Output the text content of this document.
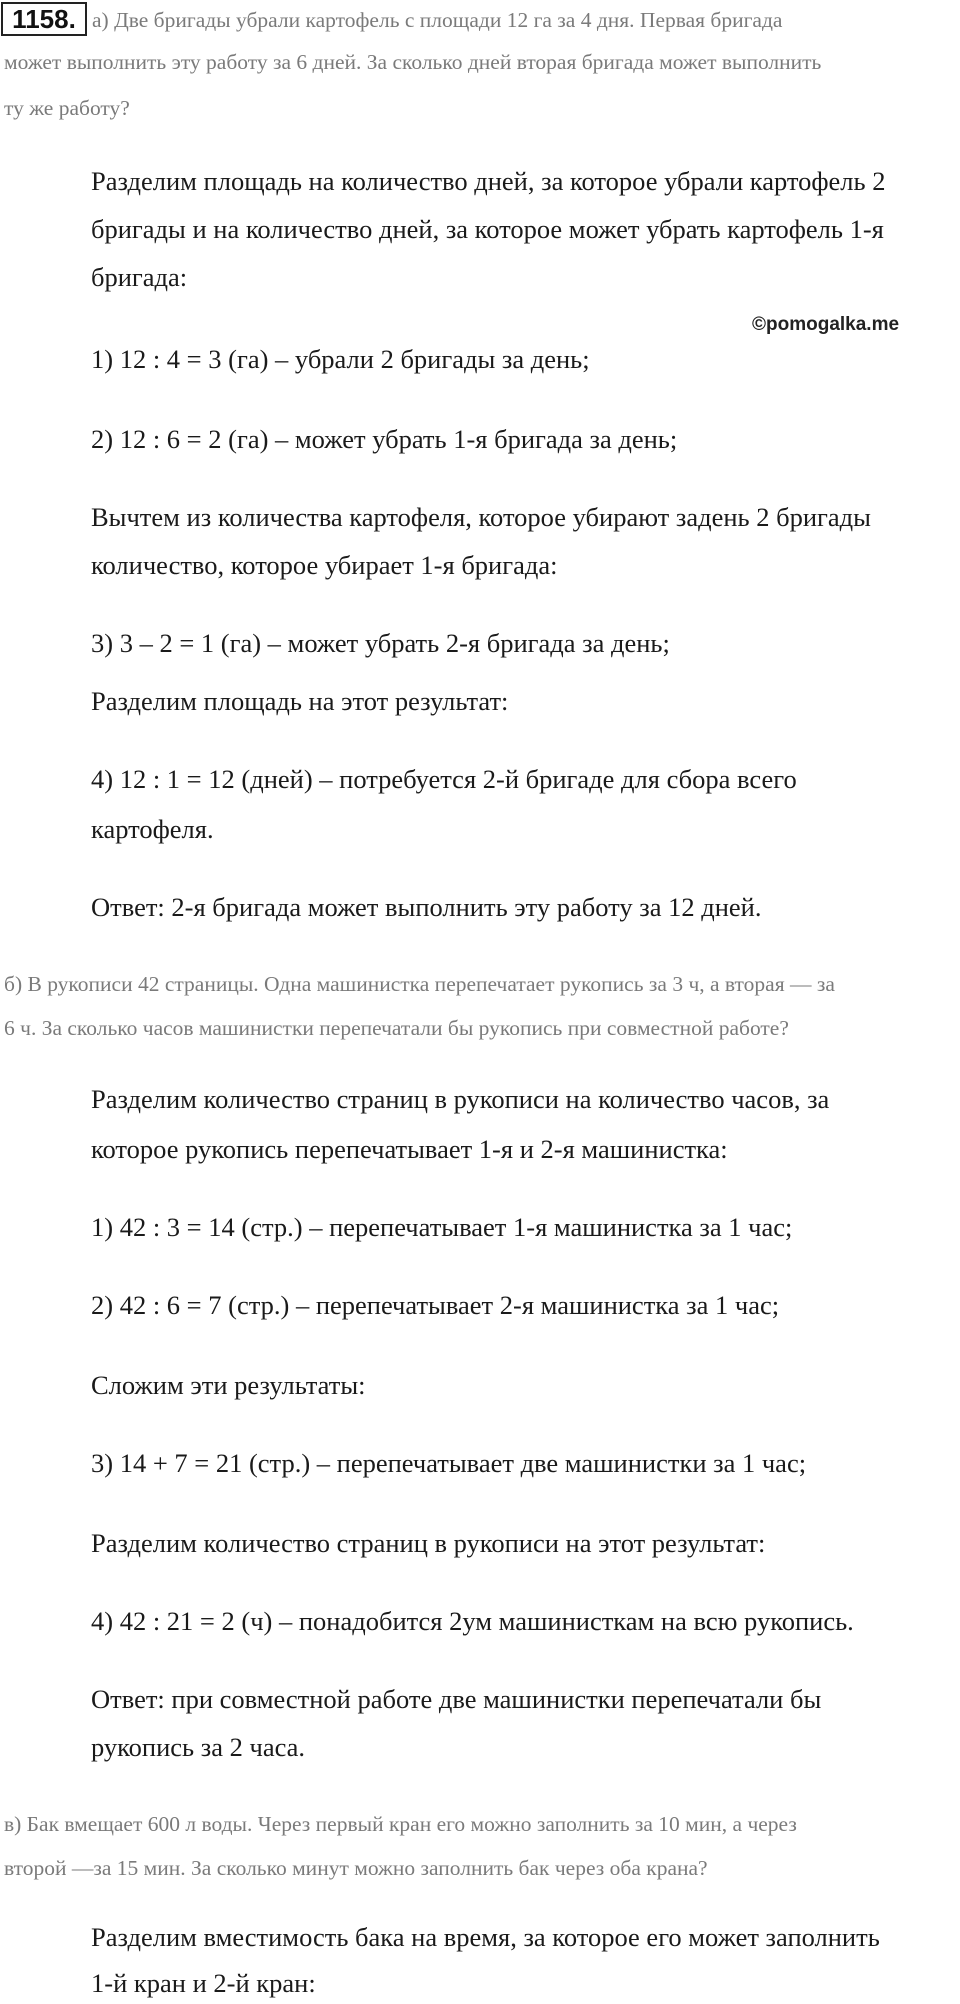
1158. а) Две бригады убрали картофель с площади 12 га за 4 дня. Первая бригада
может выполнить эту работу за 6 дней. За сколько дней вторая бригада может выполнить
ту же работу?
Разделим площадь на количество дней, за которое убрали картофель 2
бригады и на количество дней, за которое может убрать картофель 1-я
бригада:
©pomogalka.me
1) 12 : 4 = 3 (га) – убрали 2 бригады за день;
2) 12 : 6 = 2 (га) – может убрать 1-я бригада за день;
Вычтем из количества картофеля, которое убирают задень 2 бригады
количество, которое убирает 1-я бригада:
3) 3 – 2 = 1 (га) – может убрать 2-я бригада за день;
Разделим площадь на этот результат:
4) 12 : 1 = 12 (дней) – потребуется 2-й бригаде для сбора всего
картофеля.
Ответ: 2-я бригада может выполнить эту работу за 12 дней.
б) В рукописи 42 страницы. Одна машинистка перепечатает рукопись за 3 ч, а вторая — за
6 ч. За сколько часов машинистки перепечатали бы рукопись при совместной работе?
Разделим количество страниц в рукописи на количество часов, за
которое рукопись перепечатывает 1-я и 2-я машинистка:
1) 42 : 3 = 14 (стр.) – перепечатывает 1-я машинистка за 1 час;
2) 42 : 6 = 7 (стр.) – перепечатывает 2-я машинистка за 1 час;
Сложим эти результаты:
3) 14 + 7 = 21 (стр.) – перепечатывает две машинистки за 1 час;
Разделим количество страниц в рукописи на этот результат:
4) 42 : 21 = 2 (ч) – понадобится 2ум машинисткам на всю рукопись.
Ответ: при совместной работе две машинистки перепечатали бы
рукопись за 2 часа.
в) Бак вмещает 600 л воды. Через первый кран его можно заполнить за 10 мин, а через
второй —за 15 мин. За сколько минут можно заполнить бак через оба крана?
Разделим вместимость бака на время, за которое его может заполнить
1-й кран и 2-й кран:
